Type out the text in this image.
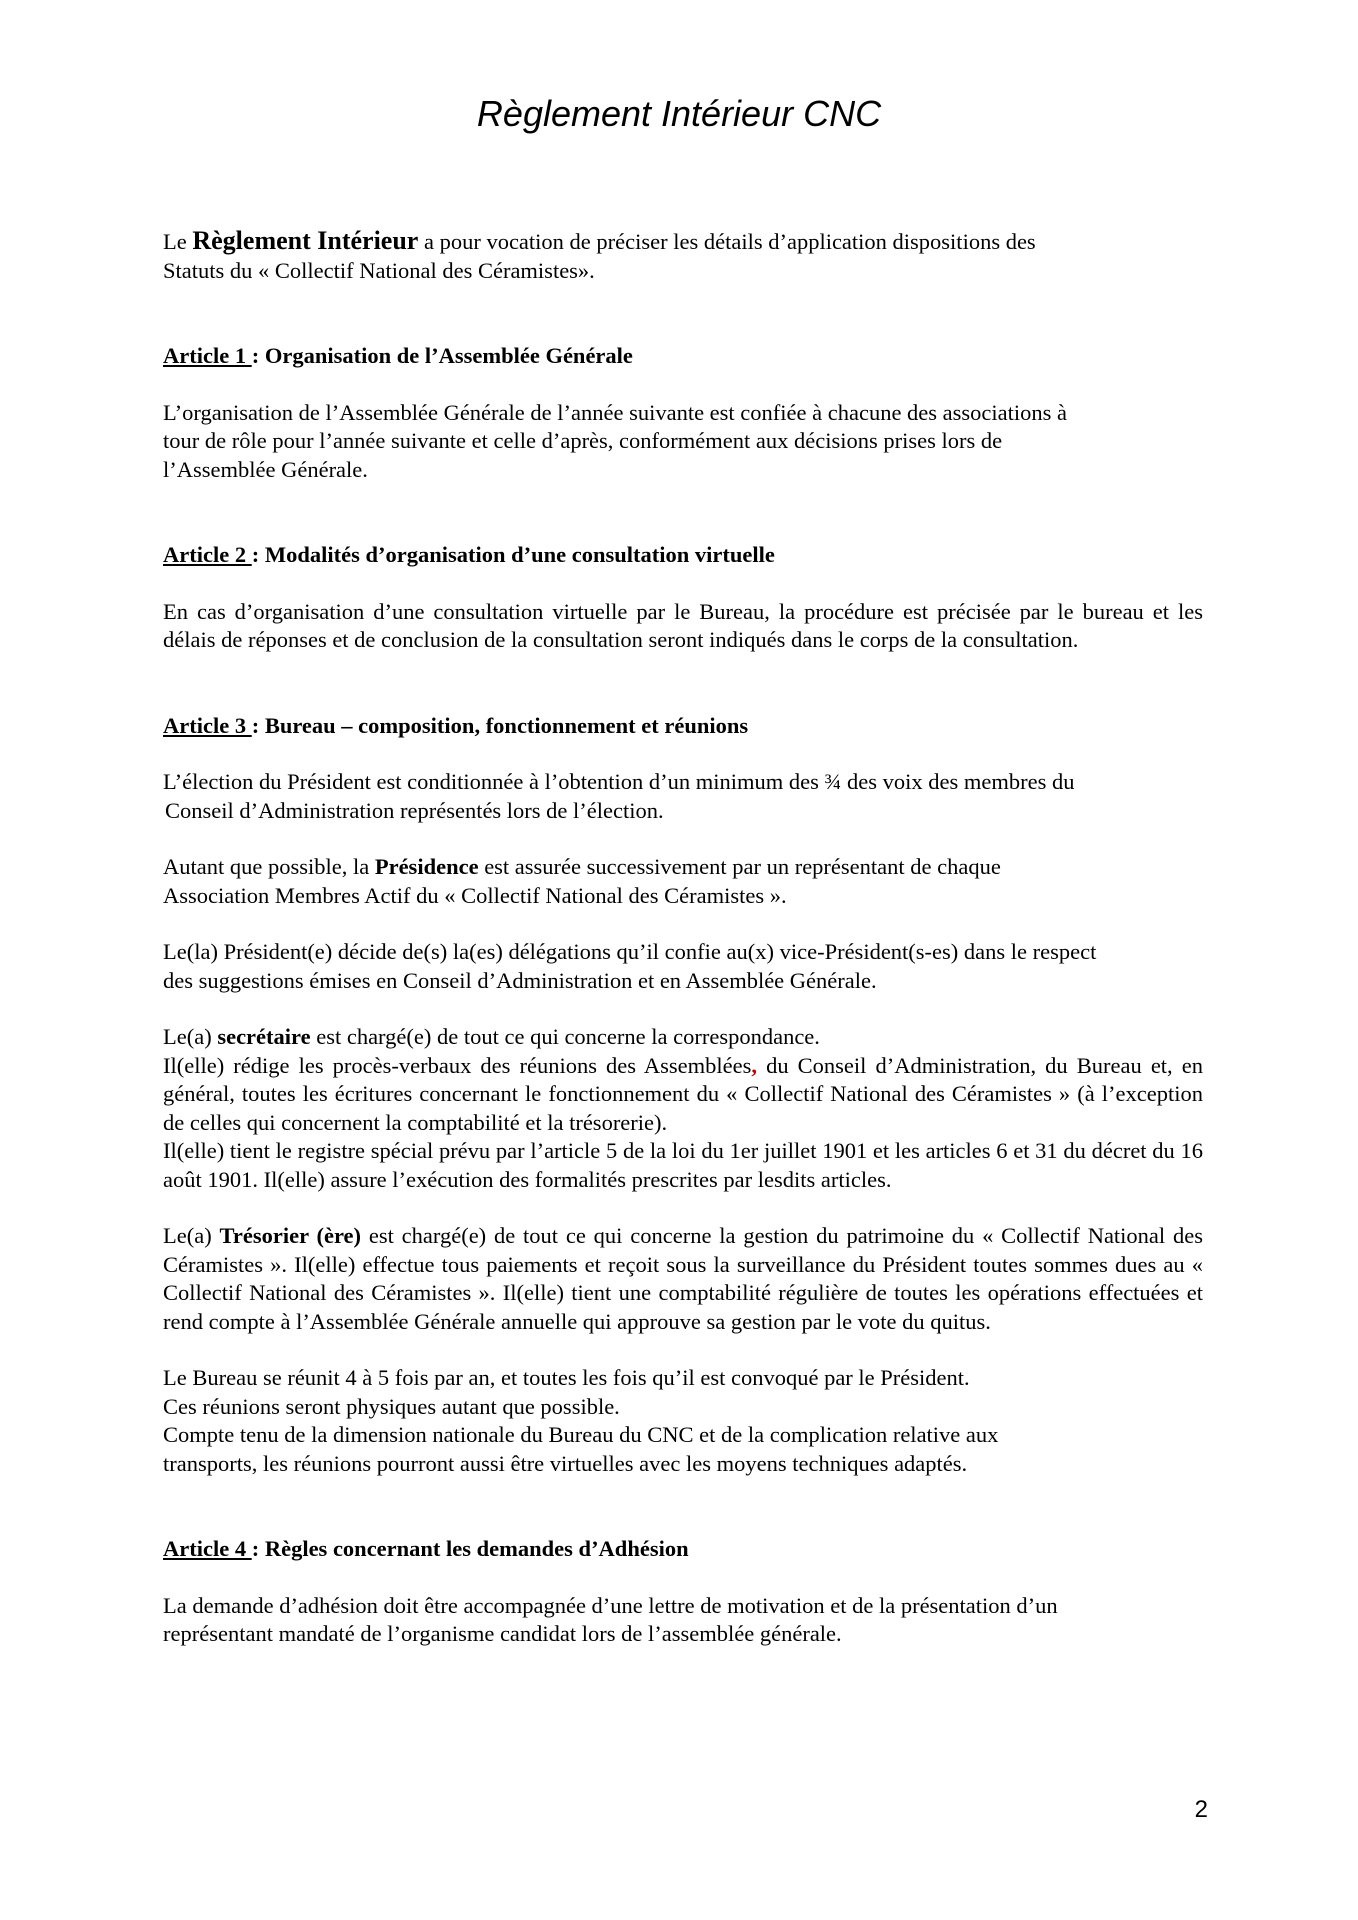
Règlement Intérieur CNC

Le Règlement Intérieur a pour vocation de préciser les détails d’application dispositions des

Statuts du « Collectif National des Céramistes».

Article 1 : Organisation de l’Assemblée Générale

L’organisation de l’Assemblée Générale de l’année suivante est confiée à chacune des associations à

tour de rôle pour l’année suivante et celle d’après, conformément aux décisions prises lors de

l’Assemblée Générale.

Article 2 : Modalités d’organisation d’une consultation virtuelle

En cas d’organisation d’une consultation virtuelle par le Bureau, la procédure est précisée par le bureau et les délais de réponses et de conclusion de la consultation seront indiqués dans le corps de la consultation.

Article 3 : Bureau – composition, fonctionnement et réunions

L’élection du Président est conditionnée à l’obtention d’un minimum des ¾ des voix des membres du

Conseil d’Administration représentés lors de l’élection.

Autant que possible, la Présidence est assurée successivement par un représentant de chaque

Association Membres Actif du « Collectif National des Céramistes ».

Le(la) Président(e) décide de(s) la(es) délégations qu’il confie au(x) vice-Président(s-es) dans le respect

des suggestions émises en Conseil d’Administration et en Assemblée Générale.

Le(a) secrétaire est chargé(e) de tout ce qui concerne la correspondance.

Il(elle) rédige les procès-verbaux des réunions des Assemblées, du Conseil d’Administration, du Bureau et, en général, toutes les écritures concernant le fonctionnement du « Collectif National des Céramistes » (à l’exception de celles qui concernent la comptabilité et la trésorerie).

Il(elle) tient le registre spécial prévu par l’article 5 de la loi du 1er juillet 1901 et les articles 6 et 31 du décret du 16 août 1901. Il(elle) assure l’exécution des formalités prescrites par lesdits articles.

Le(a) Trésorier (ère) est chargé(e) de tout ce qui concerne la gestion du patrimoine du « Collectif National des Céramistes ». Il(elle) effectue tous paiements et reçoit sous la surveillance du Président toutes sommes dues au « Collectif National des Céramistes ». Il(elle) tient une comptabilité régulière de toutes les opérations effectuées et rend compte à l’Assemblée Générale annuelle qui approuve sa gestion par le vote du quitus.

Le Bureau se réunit 4 à 5 fois par an, et toutes les fois qu’il est convoqué par le Président.

Ces réunions seront physiques autant que possible.

Compte tenu de la dimension nationale du Bureau du CNC et de la complication relative aux

transports, les réunions pourront aussi être virtuelles avec les moyens techniques adaptés.

Article 4 : Règles concernant les demandes d’Adhésion

La demande d’adhésion doit être accompagnée d’une lettre de motivation et de la présentation d’un

représentant mandaté de l’organisme candidat lors de l’assemblée générale.

2
